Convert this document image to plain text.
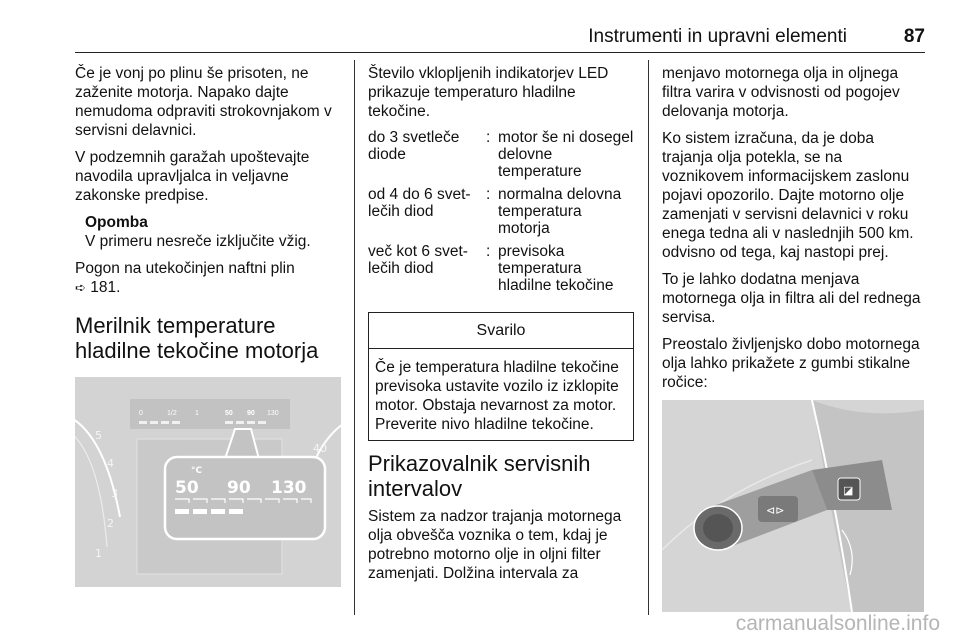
Instrumenti in upravni elementi	87

Če je vonj po plinu še prisoten, ne zaženite motorja. Napako dajte nemudoma odpraviti strokovnjakom v servisni delavnici.

V podzemnih garažah upoštevajte navodila upravljalca in veljavne zakonske predpise.

Opomba
V primeru nesreče izključite vžig.

Pogon na utekočinjen naftni plin
➪ 181.

Merilnik temperature hladilne tekočine motorja
5
4
3
2
1
40
0	1/2	1	50 90 130
°C
50 90 130

Število vklopljenih indikatorjev LED prikazuje temperaturo hladilne tekočine.

do 3 svetleče diode	:	motor še ni dosegel delovne temperature
od 4 do 6 svet-lečih diod	:	normalna delovna temperatura motorja
več kot 6 svet-lečih diod	:	previsoka temperatura hladilne tekočine
Svarilo
Če je temperatura hladilne tekočine previsoka ustavite vozilo iz izklopite motor. Obstaja nevarnost za motor. Preverite nivo hladilne tekočine.
Prikazovalnik servisnih intervalov

Sistem za nadzor trajanja motornega olja obvešča voznika o tem, kdaj je potrebno motorno olje in oljni filter zamenjati. Dolžina intervala za

menjavo motornega olja in oljnega filtra varira v odvisnosti od pogojev delovanja motorja.

Ko sistem izračuna, da je doba trajanja olja potekla, se na voznikovem informacijskem zaslonu pojavi opozorilo. Dajte motorno olje zamenjati v servisni delavnici v roku enega tedna ali v naslednjih 500 km. odvisno od tega, kaj nastopi prej.

To je lahko dodatna menjava motornega olja in filtra ali del rednega servisa.

Preostalo življenjsko dobo motornega olja lahko prikažete z gumbi stikalne ročice:

⊲⊳
◪
carmanualsonline.info
